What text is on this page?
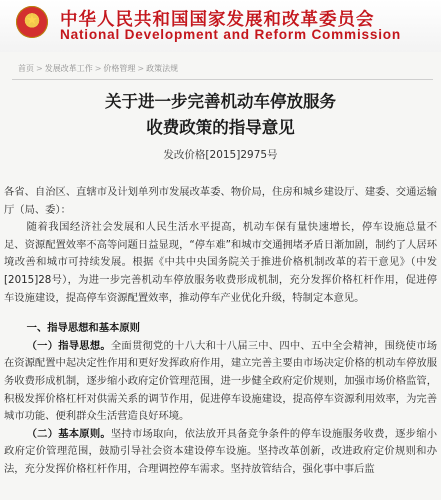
★	中华人民共和国国家发展和改革委员会
National Development and Reform Commission
首页 > 发展改革工作 > 价格管理 > 政策法规
关于进一步完善机动车停放服务
收费政策的指导意见
发改价格[2015]2975号

各省、自治区、直辖市及计划单列市发展改革委、物价局，住房和城乡建设厅、建委、交通运输厅（局、委）：

随着我国经济社会发展和人民生活水平提高，机动车保有量快速增长，停车设施总量不足、资源配置效率不高等问题日益显现，“停车难”和城市交通拥堵矛盾日渐加剧，制约了人居环境改善和城市可持续发展。根据《中共中央国务院关于推进价格机制改革的若干意见》（中发[2015]28号），为进一步完善机动车停放服务收费形成机制，充分发挥价格杠杆作用，促进停车设施建设，提高停车资源配置效率，推动停车产业优化升级，特制定本意见。

一、指导思想和基本原则

（一）指导思想。全面贯彻党的十八大和十八届三中、四中、五中全会精神，围绕使市场在资源配置中起决定性作用和更好发挥政府作用，建立完善主要由市场决定价格的机动车停放服务收费形成机制，逐步缩小政府定价管理范围，进一步健全政府定价规则，加强市场价格监管，积极发挥价格杠杆对供需关系的调节作用，促进停车设施建设，提高停车资源利用效率，为完善城市功能、便利群众生活营造良好环境。

（二）基本原则。坚持市场取向，依法放开具备竞争条件的停车设施服务收费，逐步缩小政府定价管理范围，鼓励引导社会资本建设停车设施。坚持改革创新，改进政府定价规则和办法，充分发挥价格杠杆作用，合理调控停车需求。坚持放管结合，强化事中事后监
